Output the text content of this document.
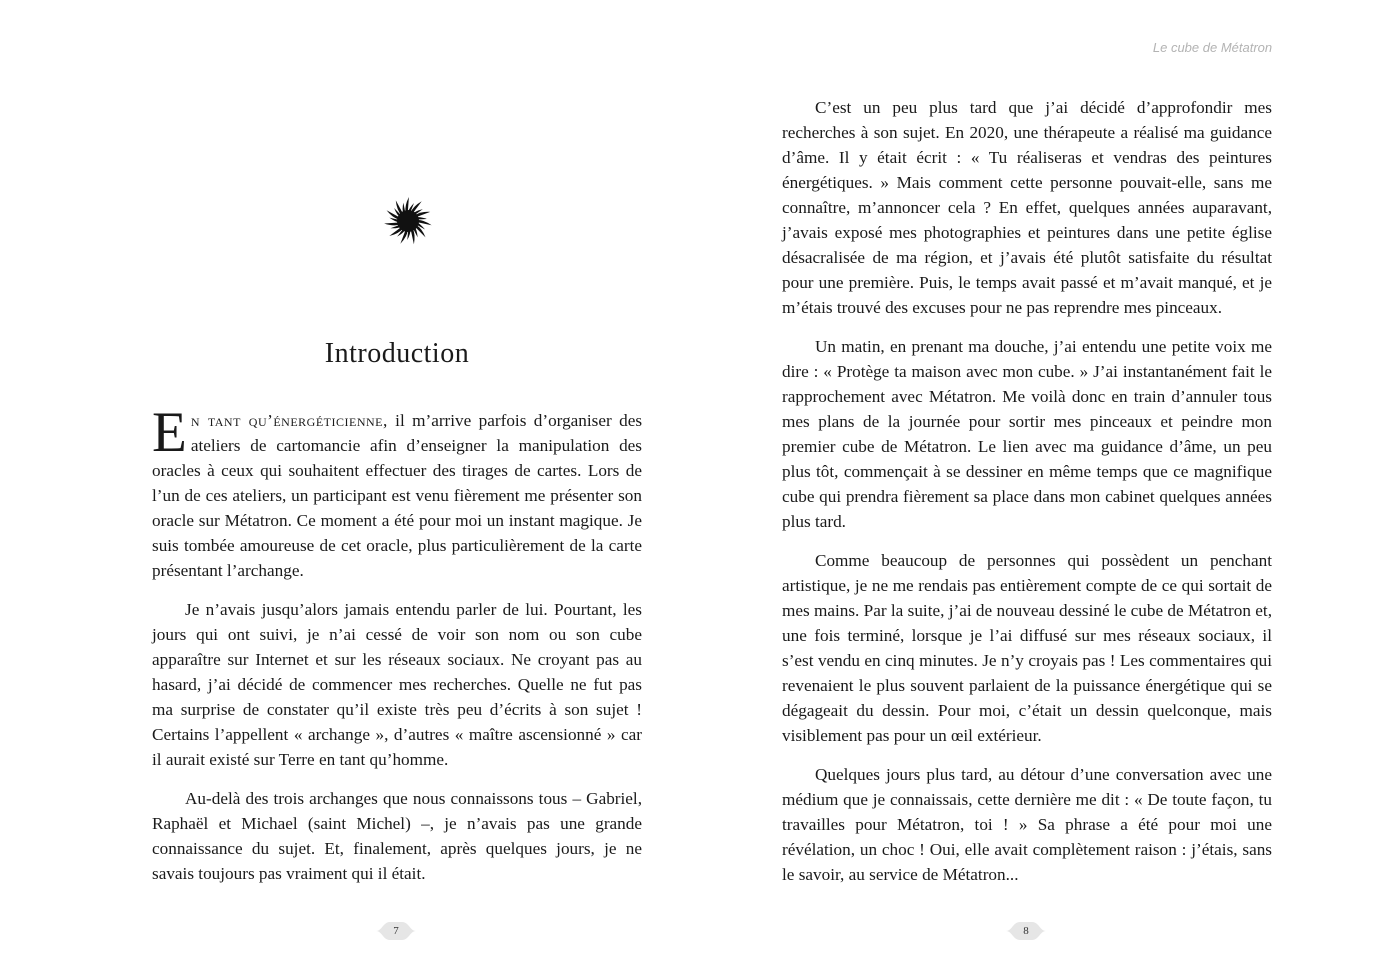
Introduction

En tant qu’énergéticienne, il m’arrive parfois d’organiser des ateliers de cartomancie afin d’enseigner la manipulation des oracles à ceux qui souhaitent effectuer des tirages de cartes. Lors de l’un de ces ateliers, un participant est venu fièrement me présenter son oracle sur Métatron. Ce moment a été pour moi un instant magique. Je suis tombée amoureuse de cet oracle, plus particulièrement de la carte présentant l’archange.

Je n’avais jusqu’alors jamais entendu parler de lui. Pourtant, les jours qui ont suivi, je n’ai cessé de voir son nom ou son cube apparaître sur Internet et sur les réseaux sociaux. Ne croyant pas au hasard, j’ai décidé de commencer mes recherches. Quelle ne fut pas ma surprise de constater qu’il existe très peu d’écrits à son sujet ! Certains l’appellent « archange », d’autres « maître ascensionné » car il aurait existé sur Terre en tant qu’homme.

Au-delà des trois archanges que nous connaissons tous – Gabriel, Raphaël et Michael (saint Michel) –, je n’avais pas une grande connaissance du sujet. Et, finalement, après quelques jours, je ne savais toujours pas vraiment qui il était.

7
Le cube de Métatron

C’est un peu plus tard que j’ai décidé d’approfondir mes recherches à son sujet. En 2020, une thérapeute a réalisé ma guidance d’âme. Il y était écrit : « Tu réaliseras et vendras des peintures énergétiques. » Mais comment cette personne pouvait-elle, sans me connaître, m’annoncer cela ? En effet, quelques années auparavant, j’avais exposé mes photographies et peintures dans une petite église désacralisée de ma région, et j’avais été plutôt satisfaite du résultat pour une première. Puis, le temps avait passé et m’avait manqué, et je m’étais trouvé des excuses pour ne pas reprendre mes pinceaux.

Un matin, en prenant ma douche, j’ai entendu une petite voix me dire : « Protège ta maison avec mon cube. » J’ai instantanément fait le rapprochement avec Métatron. Me voilà donc en train d’annuler tous mes plans de la journée pour sortir mes pinceaux et peindre mon premier cube de Métatron. Le lien avec ma guidance d’âme, un peu plus tôt, commençait à se dessiner en même temps que ce magnifique cube qui prendra fièrement sa place dans mon cabinet quelques années plus tard.

Comme beaucoup de personnes qui possèdent un penchant artistique, je ne me rendais pas entièrement compte de ce qui sortait de mes mains. Par la suite, j’ai de nouveau dessiné le cube de Métatron et, une fois terminé, lorsque je l’ai diffusé sur mes réseaux sociaux, il s’est vendu en cinq minutes. Je n’y croyais pas ! Les commentaires qui revenaient le plus souvent parlaient de la puissance énergétique qui se dégageait du dessin. Pour moi, c’était un dessin quelconque, mais visiblement pas pour un œil extérieur.

Quelques jours plus tard, au détour d’une conversation avec une médium que je connaissais, cette dernière me dit : « De toute façon, tu travailles pour Métatron, toi ! » Sa phrase a été pour moi une révélation, un choc ! Oui, elle avait complètement raison : j’étais, sans le savoir, au service de Métatron...

8
